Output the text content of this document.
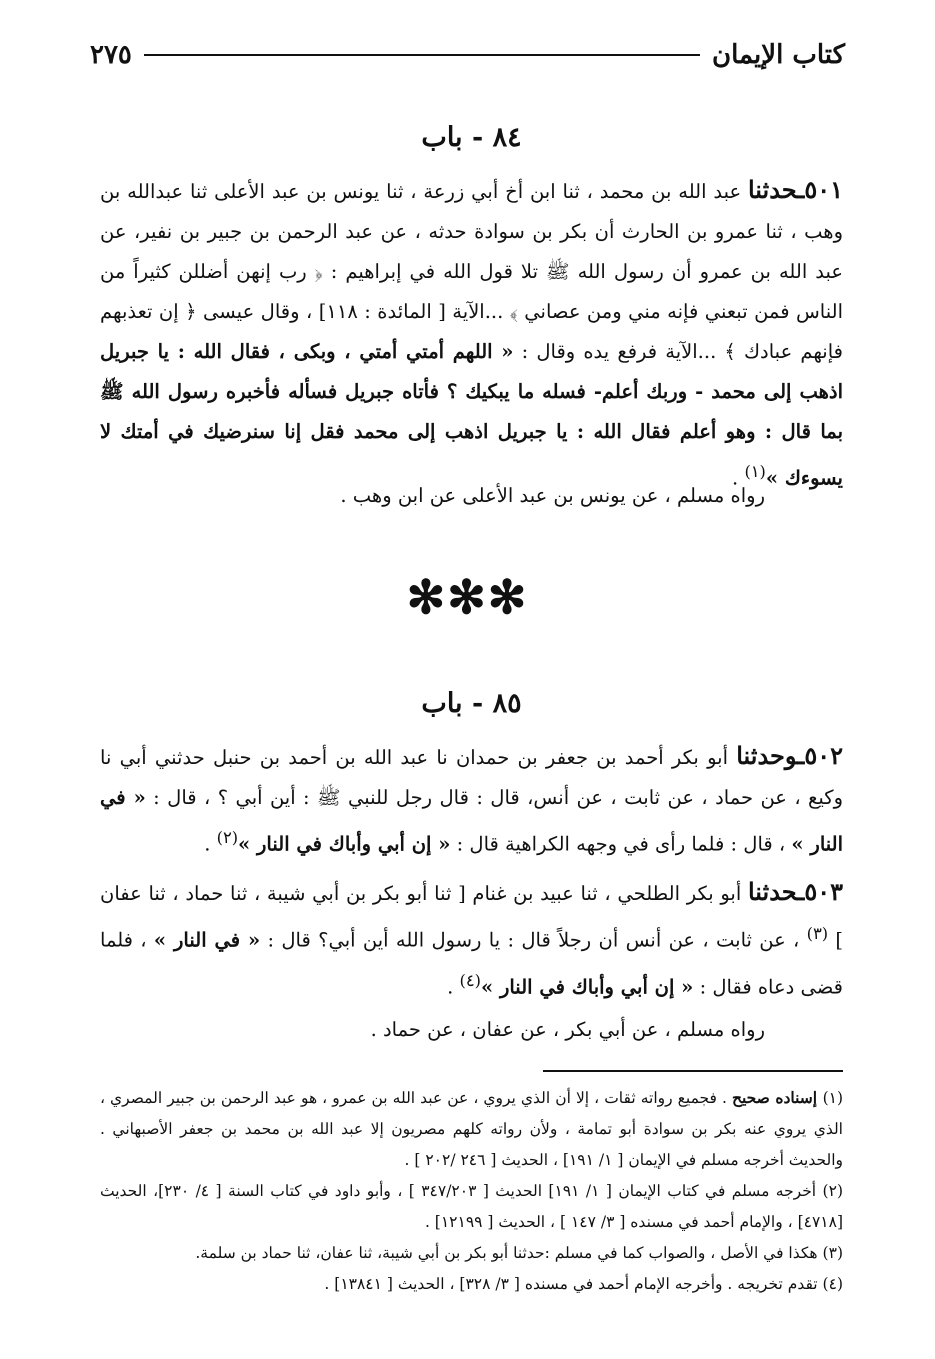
كتاب الإيمان
٢٧٥
٨٤ - باب

٥٠١ـحدثنا عبد الله بن محمد ، ثنا ابن أخ أبي زرعة ، ثنا يونس بن عبد الأعلى ثنا عبدالله بن وهب ، ثنا عمرو بن الحارث أن بكر بن سوادة حدثه ، عن عبد الرحمن بن جبير بن نفير، عن عبد الله بن عمرو أن رسول الله ﷺ تلا قول الله في إبراهيم : ﴿ رب إنهن أضللن كثيراً من الناس فمن تبعني فإنه مني ومن عصاني ﴾ ...الآية [ المائدة : ١١٨] ، وقال عيسى ﴿ إن تعذبهم فإنهم عبادك ﴾ ...الآية فرفع يده وقال : « اللهم أمتي أمتي ، وبكى ، فقال الله : يا جبريل اذهب إلى محمد - وربك أعلم- فسله ما يبكيك ؟ فأتاه جبريل فسأله فأخبره رسول الله ﷺ بما قال : وهو أعلم فقال الله : يا جبريل اذهب إلى محمد فقل إنا سنرضيك في أمتك لا يسوءك »$^{(١)}$ .

رواه مسلم ، عن يونس بن عبد الأعلى عن ابن وهب .

✻✻✻
٨٥ - باب

٥٠٢ـوحدثنا أبو بكر أحمد بن جعفر بن حمدان نا عبد الله بن أحمد بن حنبل حدثني أبي نا وكيع ، عن حماد ، عن ثابت ، عن أنس، قال : قال رجل للنبي ﷺ : أين أبي ؟ ، قال : « في النار » ، قال : فلما رأى في وجهه الكراهية قال : « إن أبي وأباك في النار »$^{(٢)}$ .

٥٠٣ـحدثنا أبو بكر الطلحي ، ثنا عبيد بن غنام [ ثنا أبو بكر بن أبي شيبة ، ثنا حماد ، ثنا عفان ] $^{(٣)}$ ، عن ثابت ، عن أنس أن رجلاً قال : يا رسول الله أين أبي؟ قال : « في النار » ، فلما قضى دعاه فقال : « إن أبي وأباك في النار »$^{(٤)}$ .

رواه مسلم ، عن أبي بكر ، عن عفان ، عن حماد .

(١) إسناده صحيح . فجميع رواته ثقات ، إلا أن الذي يروي ، عن عبد الله بن عمرو ، هو عبد الرحمن بن جبير المصري ، الذي يروي عنه بكر بن سوادة أبو تمامة ، ولأن رواته كلهم مصريون إلا عبد الله بن محمد بن جعفر الأصبهاني . والحديث أخرجه مسلم في الإيمان [ ١/ ١٩١] ، الحديث [ ٢٤٦ /٢٠٢ ] .

(٢) أخرجه مسلم في كتاب الإيمان [ ١/ ١٩١] الحديث [ ٣٤٧/٢٠٣ ] ، وأبو داود في كتاب السنة [ ٤/ ٢٣٠]، الحديث [٤٧١٨] ، والإمام أحمد في مسنده [ ٣/ ١٤٧ ] ، الحديث [ ١٢١٩٩] .

(٣) هكذا في الأصل ، والصواب كما في مسلم :حدثنا أبو بكر بن أبي شيبة، ثنا عفان، ثنا حماد بن سلمة.

(٤) تقدم تخريجه . وأخرجه الإمام أحمد في مسنده [ ٣/ ٣٢٨] ، الحديث [ ١٣٨٤١] .
